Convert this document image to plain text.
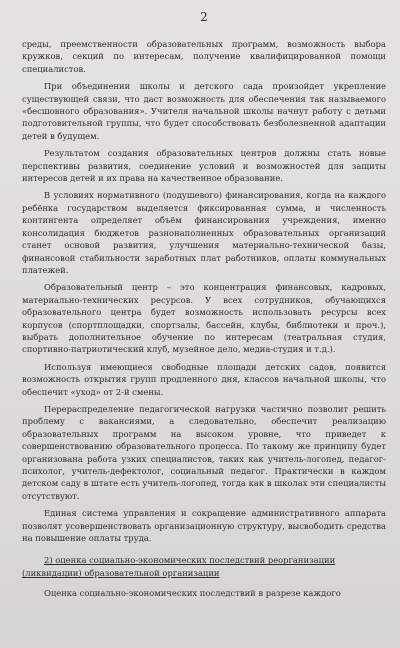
2

среды, преемственности образовательных программ, возможность выбора кружков, секций по интересам, получение квалифицированной помощи специалистов.

При объединении школы и детского сада произойдет укрепление существующей связи, что даст возможность для обеспечения так называемого «бесшовного образования». Учителя начальной школы начнут работу с детьми подготовительной группы, что будет способствовать безболезненной адаптации детей в будущем.

Результатом создания образовательных центров должны стать новые перспективы развития, соединение условий и возможностей для защиты интересов детей и их права на качественное образование.

В условиях нормативного (подушевого) финансирования, когда на каждого ребёнка государством выделяется фиксированная сумма, и численность контингента определяет объём финансирования учреждения, именно консолидация бюджетов разнонаполненных образовательных организаций станет основой развития, улучшения материально-технической базы, финансовой стабильности заработных плат работников, оплаты коммунальных платежей.

Образовательный центр – это концентрация финансовых, кадровых, материально-технических ресурсов. У всех сотрудников, обучающихся образовательного центра будет возможность использовать ресурсы всех корпусов (спортплощадки, спортзалы, бассейн, клубы, библиотеки и проч.), выбрать дополнительное обучение по интересам (театральная студия, спортивно-патриотический клуб, музейное дело, медиа-студия и т.д.).

Используя имеющиеся свободные площади детских садов, появится возможность открытия групп продленного дня, классов начальной школы, что обеспечит «уход» от 2-й смены.

Перераспределение педагогической нагрузки частично позволит решить проблему с вакансиями, а следовательно, обеспечит реализацию образовательных программ на высоком уровне, что приведет к совершенствованию образовательного процесса. По такому же принципу будет организована работа узких специалистов, таких как учитель-логопед, педагог-психолог, учитель-дефектолог, социальный педагог. Практически в каждом детском саду в штате есть учитель-логопед, тогда как в школах эти специалисты отсутствуют.

Единая система управления и сокращение административного аппарата позволят усовершенствовать организационную структуру, высвободить средства на повышение оплаты труда.

2) оценка социально-экономических последствий реорганизации (ликвидации) образовательной организации

Оценка социально-экономических последствий в разрезе каждого
